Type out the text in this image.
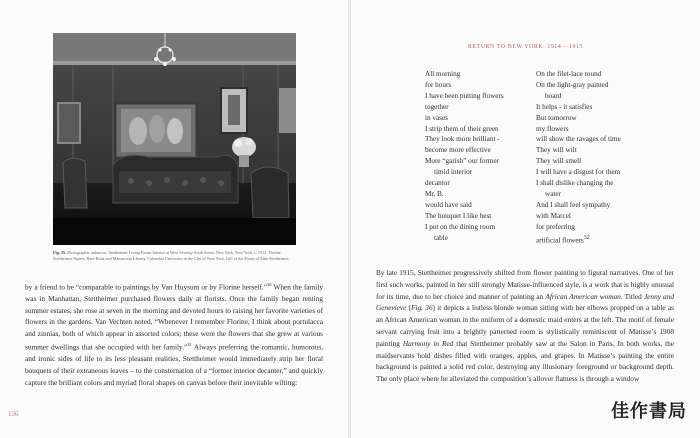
Fig. 35. Photographer unknown, Stettheimer Living Room Interior at West Seventy-Sixth Street, New York, New York, c. 1914. Florine Stettheimer Papers, Rare Book and Manuscript Library, Columbia University in the City of New York. Gift of the Estate of Ettie Stettheimer.
by a friend to be “comparable to paintings by Van Huysum or by Florine herself.”$^{30}$ When the family was in Manhattan, Stettheimer purchased flowers daily at florists. Once the family began renting summer estates, she rose at seven in the morning and devoted hours to raising her favorite varieties of flowers in the gardens. Van Vechten noted, “Whenever I remember Florine, I think about portulacca and zinnias, both of which appear in assorted colors; these were the flowers that she grew at various summer dwellings that she occupied with her family.”$^{31}$ Always preferring the romantic, humorous, and ironic sides of life to its less pleasant realities, Stettheimer would immediately strip her floral bouquets of their extraneous leaves – to the consternation of a “former interior decanter,” and quickly capture the brilliant colors and myriad floral shapes on canvas before their inevitable wilting:
136
RETURN TO NEW YORK: 1914 – 1915
All morning
for hours
I have been putting flowers
together
in vases
I strip them of their green
They look more brilliant -
become more effective
More “garish” our former
timid interior
decantor
Mr. B.
would have said
The bouquet I like best
I put on the dining room
table
On the filet-lace round
On the light-gray painted
board
It helps - it satisfies
But tomorrow
my flowers
will show the ravages of time
They will wilt
They will smell
I will have a disgust for them
I shall dislike changing the
water
And I shall feel sympathy
with Marcel
for preferring
artificial flowers$^{32}$
By late 1915, Stettheimer progressively shifted from flower painting to figural narratives. One of her first such works, painted in her still strongly Matisse-influenced style, is a work that is highly unusual for its time, due to her choice and manner of painting an African American woman. Titled Jenny and Genevieve (Fig. 36) it depicts a listless blonde woman sitting with her elbows propped on a table as an African American woman in the uniform of a domestic maid enters at the left. The motif of female servant carrying fruit into a brightly patterned room is stylistically reminiscent of Matisse’s 1908 painting Harmony in Red that Stettheimer probably saw at the Salon in Paris. In both works, the maidservants hold dishes filled with oranges, apples, and grapes. In Matisse’s painting the entire background is painted a solid red color, destroying any illusionary foreground or background depth. The only place where he alleviated the composition’s allover flatness is through a window
佳作書局
